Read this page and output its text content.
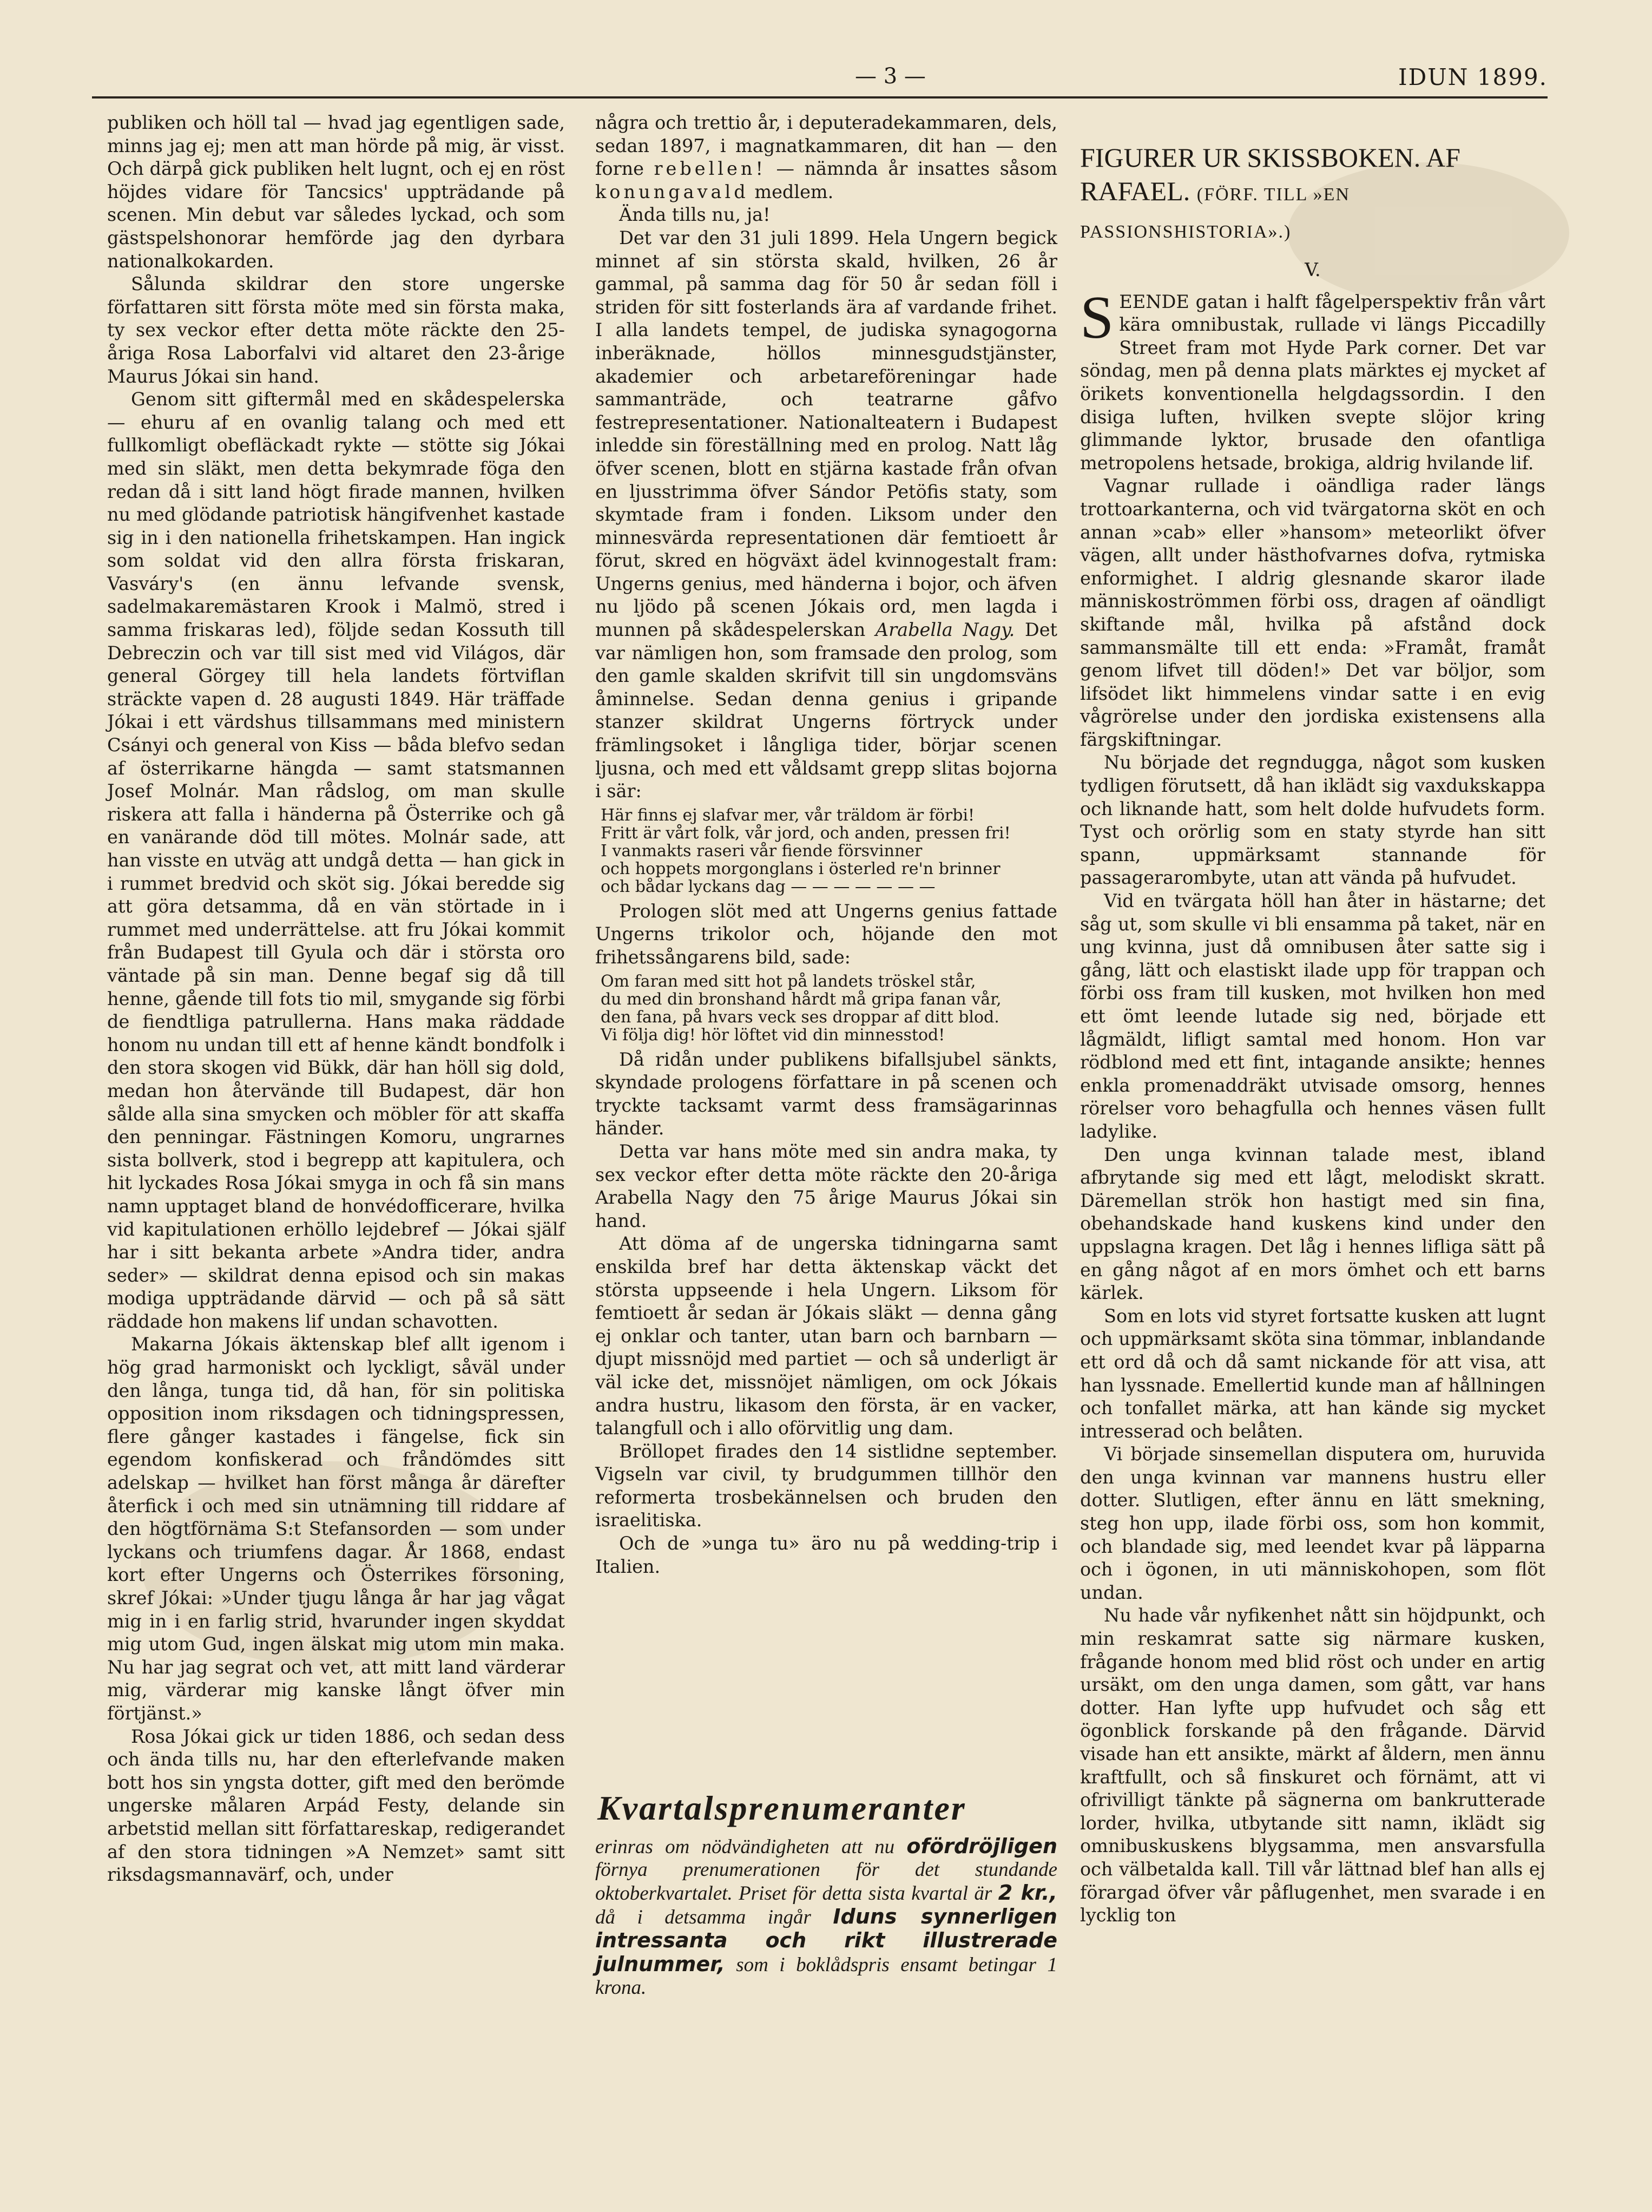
— 3 —	IDUN 1899.

publiken och höll tal — hvad jag egentligen sade, minns jag ej; men att man hörde på mig, är visst. Och därpå gick publiken helt lugnt, och ej en röst höjdes vidare för Tancsics' uppträdande på scenen. Min debut var således lyckad, och som gästspelshonorar hemförde jag den dyrbara nationalkokarden.

Sålunda skildrar den store ungerske författaren sitt första möte med sin första maka, ty sex veckor efter detta möte räckte den 25-åriga Rosa Laborfalvi vid altaret den 23-årige Maurus Jókai sin hand.

Genom sitt giftermål med en skådespelerska — ehuru af en ovanlig talang och med ett fullkomligt obefläckadt rykte — stötte sig Jókai med sin släkt, men detta bekymrade föga den redan då i sitt land högt firade mannen, hvilken nu med glödande patriotisk hängifvenhet kastade sig in i den nationella frihetskampen. Han ingick som soldat vid den allra första friskaran, Vasváry's (en ännu lefvande svensk, sadelmakaremästaren Krook i Malmö, stred i samma friskaras led), följde sedan Kossuth till Debreczin och var till sist med vid Világos, där general Görgey till hela landets förtviflan sträckte vapen d. 28 augusti 1849. Här träffade Jókai i ett värdshus tillsammans med ministern Csányi och general von Kiss — båda blefvo sedan af österrikarne hängda — samt statsmannen Josef Molnár. Man rådslog, om man skulle riskera att falla i händerna på Österrike och gå en vanärande död till mötes. Molnár sade, att han visste en utväg att undgå detta — han gick in i rummet bredvid och sköt sig. Jókai beredde sig att göra detsamma, då en vän störtade in i rummet med underrättelse. att fru Jókai kommit från Budapest till Gyula och där i största oro väntade på sin man. Denne begaf sig då till henne, gående till fots tio mil, smygande sig förbi de fiendtliga patrullerna. Hans maka räddade honom nu undan till ett af henne kändt bondfolk i den stora skogen vid Bükk, där han höll sig dold, medan hon återvände till Budapest, där hon sålde alla sina smycken och möbler för att skaffa den penningar. Fästningen Komoru, ungrarnes sista bollverk, stod i begrepp att kapitulera, och hit lyckades Rosa Jókai smyga in och få sin mans namn upptaget bland de honvédofficerare, hvilka vid kapitulationen erhöllo lejdebref — Jókai själf har i sitt bekanta arbete »Andra tider, andra seder» — skildrat denna episod och sin makas modiga uppträdande därvid — och på så sätt räddade hon makens lif undan schavotten.

Makarna Jókais äktenskap blef allt igenom i hög grad harmoniskt och lyckligt, såväl under den långa, tunga tid, då han, för sin politiska opposition inom riksdagen och tidningspressen, flere gånger kastades i fängelse, fick sin egendom konfiskerad och fråndömdes sitt adelskap — hvilket han först många år därefter återfick i och med sin utnämning till riddare af den högtförnäma S:t Stefansorden — som under lyckans och triumfens dagar. År 1868, endast kort efter Ungerns och Österrikes försoning, skref Jókai: »Under tjugu långa år har jag vågat mig in i en farlig strid, hvarunder ingen skyddat mig utom Gud, ingen älskat mig utom min maka. Nu har jag segrat och vet, att mitt land värderar mig, värderar mig kanske långt öfver min förtjänst.»

Rosa Jókai gick ur tiden 1886, och sedan dess och ända tills nu, har den efterlefvande maken bott hos sin yngsta dotter, gift med den berömde ungerske målaren Arpád Festy, delande sin arbetstid mellan sitt författareskap, redigerandet af den stora tidningen »A Nemzet» samt sitt riksdagsmannavärf, och, under

några och trettio år, i deputeradekammaren, dels, sedan 1897, i magnatkammaren, dit han — den forne rebellen! — nämnda år insattes såsom konungavald medlem.

Ända tills nu, ja!

Det var den 31 juli 1899. Hela Ungern begick minnet af sin största skald, hvilken, 26 år gammal, på samma dag för 50 år sedan föll i striden för sitt fosterlands ära af vardande frihet. I alla landets tempel, de judiska synagogorna inberäknade, höllos minnesgudstjänster, akademier och arbetareföreningar hade sammanträde, och teatrarne gåfvo festrepresentationer. Nationalteatern i Budapest inledde sin föreställning med en prolog. Natt låg öfver scenen, blott en stjärna kastade från ofvan en ljusstrimma öfver Sándor Petöfis staty, som skymtade fram i fonden. Liksom under den minnesvärda representationen där femtioett år förut, skred en högväxt ädel kvinnogestalt fram: Ungerns genius, med händerna i bojor, och äfven nu ljödo på scenen Jókais ord, men lagda i munnen på skådespelerskan Arabella Nagy. Det var nämligen hon, som framsade den prolog, som den gamle skalden skrifvit till sin ungdomsväns åminnelse. Sedan denna genius i gripande stanzer skildrat Ungerns förtryck under främlingsoket i långliga tider, börjar scenen ljusna, och med ett våldsamt grepp slitas bojorna i sär:

Här finns ej slafvar mer, vår träldom är förbi!
Fritt är vårt folk, vår jord, och anden, pressen fri!
I vanmakts raseri vår fiende försvinner
och hoppets morgonglans i österled re'n brinner
och bådar lyckans dag — — — — — — —

Prologen slöt med att Ungerns genius fattade Ungerns trikolor och, höjande den mot frihetssångarens bild, sade:

Om faran med sitt hot på landets tröskel står,
du med din bronshand hårdt må gripa fanan vår,
den fana, på hvars veck ses droppar af ditt blod.
Vi följa dig! hör löftet vid din minnesstod!

Då ridån under publikens bifallsjubel sänkts, skyndade prologens författare in på scenen och tryckte tacksamt varmt dess framsägarinnas händer.

Detta var hans möte med sin andra maka, ty sex veckor efter detta möte räckte den 20-åriga Arabella Nagy den 75 årige Maurus Jókai sin hand.

Att döma af de ungerska tidningarna samt enskilda bref har detta äktenskap väckt det största uppseende i hela Ungern. Liksom för femtioett år sedan är Jókais släkt — denna gång ej onklar och tanter, utan barn och barnbarn — djupt missnöjd med partiet — och så underligt är väl icke det, missnöjet nämligen, om ock Jókais andra hustru, likasom den första, är en vacker, talangfull och i allo oförvitlig ung dam.

Bröllopet firades den 14 sistlidne september. Vigseln var civil, ty brudgummen tillhör den reformerta trosbekännelsen och bruden den israelitiska.

Och de »unga tu» äro nu på wedding-trip i Italien.

Kvartalsprenumeranter
erinras om nödvändigheten att nu ofördröjligen förnya prenumerationen för det stundande oktoberkvartalet. Priset för detta sista kvartal är 2 kr., då i detsamma ingår Iduns synnerligen intressanta och rikt illustrerade julnummer, som i boklådspris ensamt betingar 1 krona.
FIGURER UR SKISSBOKEN. AF RAFAEL. (FÖRF. TILL »EN PASSIONSHISTORIA».)
V.

SEENDE gatan i halft fågelperspektiv från vårt kära omnibustak, rullade vi längs Piccadilly Street fram mot Hyde Park corner. Det var söndag, men på denna plats märktes ej mycket af örikets konventionella helgdagssordin. I den disiga luften, hvilken svepte slöjor kring glimmande lyktor, brusade den ofantliga metropolens hetsade, brokiga, aldrig hvilande lif.

Vagnar rullade i oändliga rader längs trottoarkanterna, och vid tvärgatorna sköt en och annan »cab» eller »hansom» meteorlikt öfver vägen, allt under hästhofvarnes dofva, rytmiska enformighet. I aldrig glesnande skaror ilade människoströmmen förbi oss, dragen af oändligt skiftande mål, hvilka på afstånd dock sammansmälte till ett enda: »Framåt, framåt genom lifvet till döden!» Det var böljor, som lifsödet likt himmelens vindar satte i en evig vågrörelse under den jordiska existensens alla färgskiftningar.

Nu började det regndugga, något som kusken tydligen förutsett, då han iklädt sig vaxdukskappa och liknande hatt, som helt dolde hufvudets form. Tyst och orörlig som en staty styrde han sitt spann, uppmärksamt stannande för passagerarombyte, utan att vända på hufvudet.

Vid en tvärgata höll han åter in hästarne; det såg ut, som skulle vi bli ensamma på taket, när en ung kvinna, just då omnibusen åter satte sig i gång, lätt och elastiskt ilade upp för trappan och förbi oss fram till kusken, mot hvilken hon med ett ömt leende lutade sig ned, började ett lågmäldt, lifligt samtal med honom. Hon var rödblond med ett fint, intagande ansikte; hennes enkla promenaddräkt utvisade omsorg, hennes rörelser voro behagfulla och hennes väsen fullt ladylike.

Den unga kvinnan talade mest, ibland afbrytande sig med ett lågt, melodiskt skratt. Däremellan strök hon hastigt med sin fina, obehandskade hand kuskens kind under den uppslagna kragen. Det låg i hennes lifliga sätt på en gång något af en mors ömhet och ett barns kärlek.

Som en lots vid styret fortsatte kusken att lugnt och uppmärksamt sköta sina tömmar, inblandande ett ord då och då samt nickande för att visa, att han lyssnade. Emellertid kunde man af hållningen och tonfallet märka, att han kände sig mycket intresserad och belåten.

Vi började sinsemellan disputera om, huruvida den unga kvinnan var mannens hustru eller dotter. Slutligen, efter ännu en lätt smekning, steg hon upp, ilade förbi oss, som hon kommit, och blandade sig, med leendet kvar på läpparna och i ögonen, in uti människohopen, som flöt undan.

Nu hade vår nyfikenhet nått sin höjdpunkt, och min reskamrat satte sig närmare kusken, frågande honom med blid röst och under en artig ursäkt, om den unga damen, som gått, var hans dotter. Han lyfte upp hufvudet och såg ett ögonblick forskande på den frågande. Därvid visade han ett ansikte, märkt af åldern, men ännu kraftfullt, och så finskuret och förnämt, att vi ofrivilligt tänkte på sägnerna om bankrutterade lorder, hvilka, utbytande sitt namn, iklädt sig omnibuskuskens blygsamma, men ansvarsfulla och välbetalda kall. Till vår lättnad blef han alls ej förargad öfver vår påflugenhet, men svarade i en lycklig ton
